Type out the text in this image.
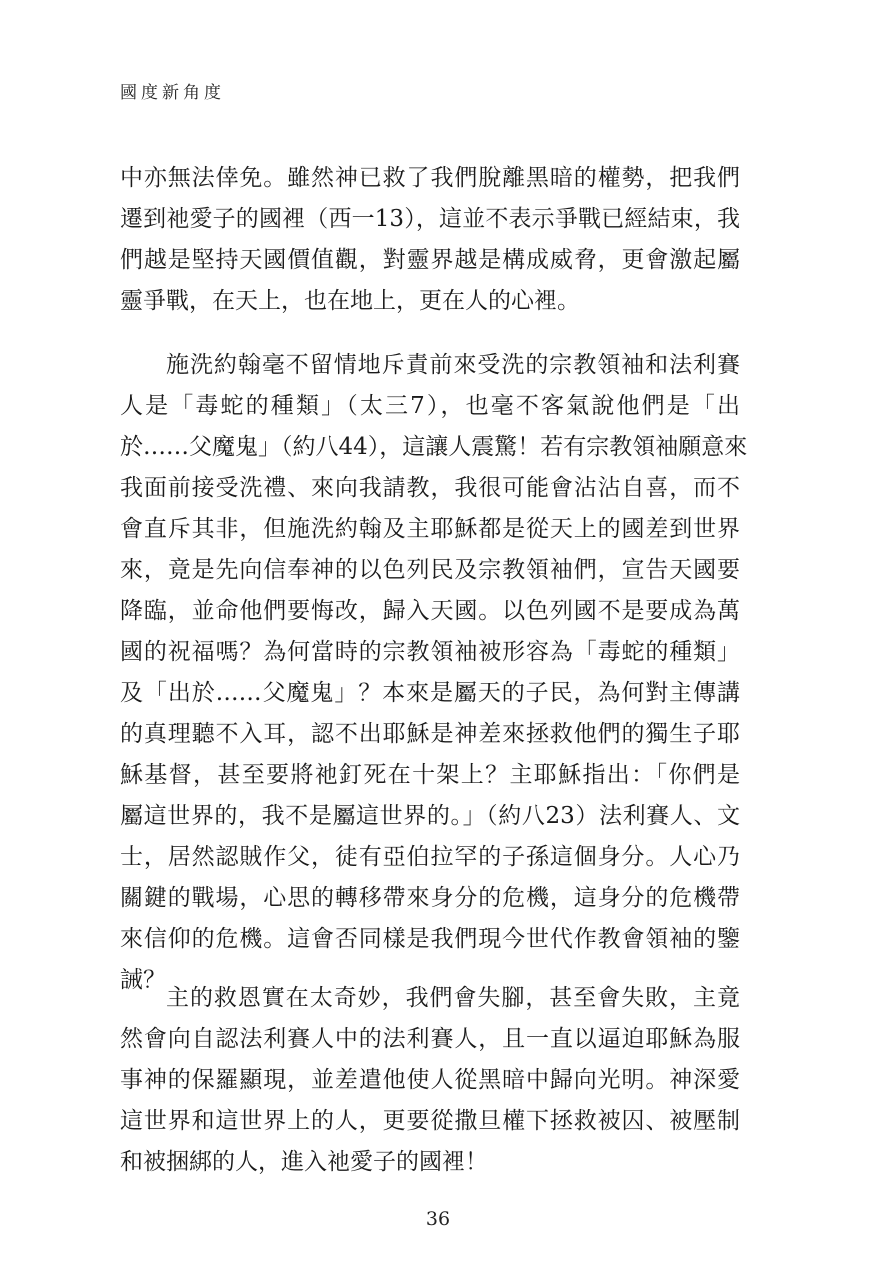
國度新角度
中亦無法倖免。雖然神已救了我們脫離黑暗的權勢，把我們
遷到祂愛子的國裡（西一13），這並不表示爭戰已經結束，我
們越是堅持天國價值觀，對靈界越是構成威脅，更會激起屬
靈爭戰，在天上，也在地上，更在人的心裡。
施洗約翰毫不留情地斥責前來受洗的宗教領袖和法利賽
人是「毒蛇的種類」（太三7），也毫不客氣說他們是「出
於……父魔鬼」（約八44），這讓人震驚！若有宗教領袖願意來
我面前接受洗禮、來向我請教，我很可能會沾沾自喜，而不
會直斥其非，但施洗約翰及主耶穌都是從天上的國差到世界
來，竟是先向信奉神的以色列民及宗教領袖們，宣告天國要
降臨，並命他們要悔改，歸入天國。以色列國不是要成為萬
國的祝福嗎？為何當時的宗教領袖被形容為「毒蛇的種類」
及「出於……父魔鬼」？本來是屬天的子民，為何對主傳講
的真理聽不入耳，認不出耶穌是神差來拯救他們的獨生子耶
穌基督，甚至要將祂釘死在十架上？主耶穌指出：「你們是
屬這世界的，我不是屬這世界的。」（約八23）法利賽人、文
士，居然認賊作父，徒有亞伯拉罕的子孫這個身分。人心乃
關鍵的戰場，心思的轉移帶來身分的危機，這身分的危機帶
來信仰的危機。這會否同樣是我們現今世代作教會領袖的鑒
誡？
主的救恩實在太奇妙，我們會失腳，甚至會失敗，主竟
然會向自認法利賽人中的法利賽人，且一直以逼迫耶穌為服
事神的保羅顯現，並差遣他使人從黑暗中歸向光明。神深愛
這世界和這世界上的人，更要從撒旦權下拯救被囚、被壓制
和被捆綁的人，進入祂愛子的國裡！
36
